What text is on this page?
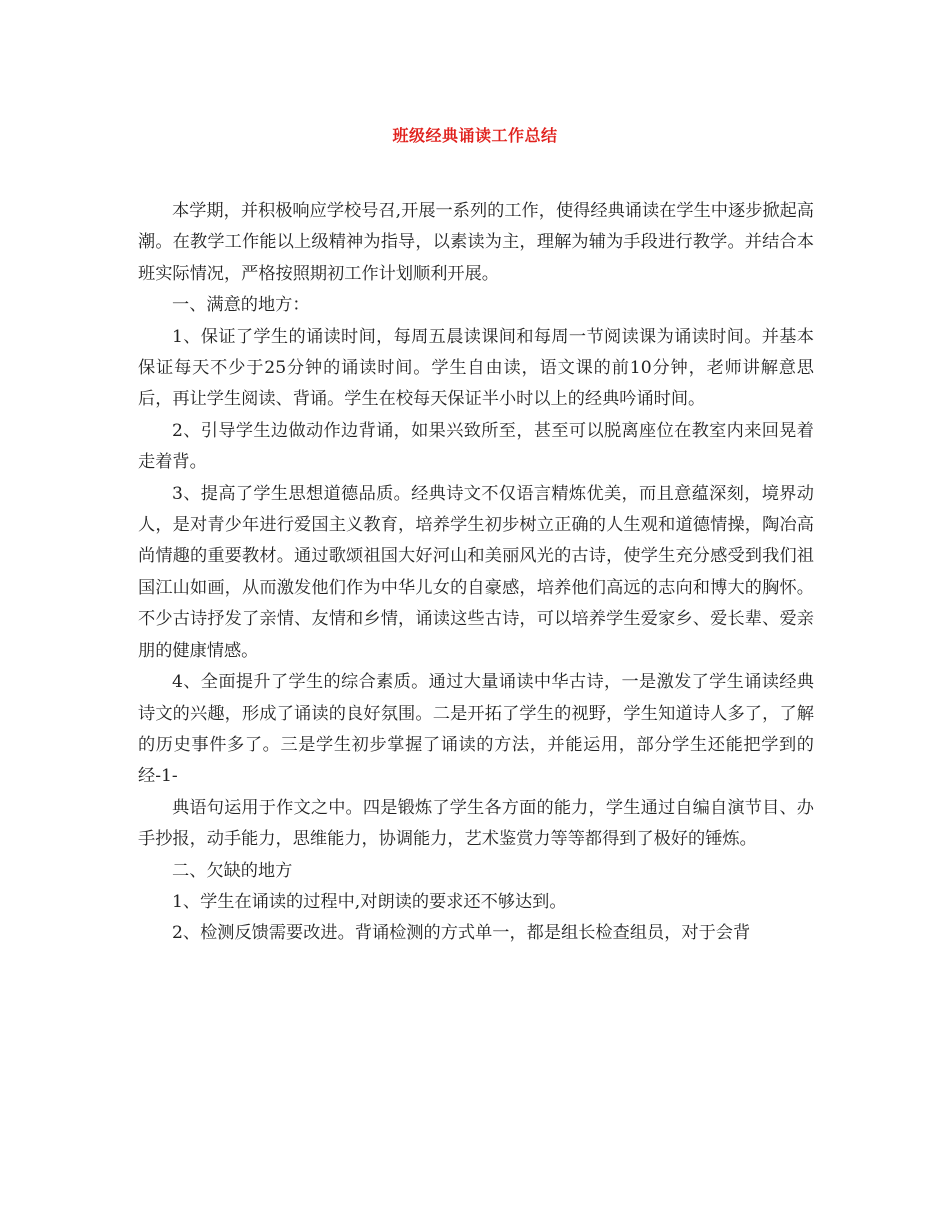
班级经典诵读工作总结

本学期，并积极响应学校号召,开展一系列的工作，使得经典诵读在学生中逐步掀起高潮。在教学工作能以上级精神为指导，以素读为主，理解为辅为手段进行教学。并结合本班实际情况，严格按照期初工作计划顺利开展。

一、满意的地方：

1、保证了学生的诵读时间，每周五晨读课间和每周一节阅读课为诵读时间。并基本保证每天不少于25分钟的诵读时间。学生自由读，语文课的前10分钟，老师讲解意思后，再让学生阅读、背诵。学生在校每天保证半小时以上的经典吟诵时间。

2、引导学生边做动作边背诵，如果兴致所至，甚至可以脱离座位在教室内来回晃着走着背。

3、提高了学生思想道德品质。经典诗文不仅语言精炼优美，而且意蕴深刻，境界动人，是对青少年进行爱国主义教育，培养学生初步树立正确的人生观和道德情操，陶冶高尚情趣的重要教材。通过歌颂祖国大好河山和美丽风光的古诗，使学生充分感受到我们祖国江山如画，从而激发他们作为中华儿女的自豪感，培养他们高远的志向和博大的胸怀。不少古诗抒发了亲情、友情和乡情，诵读这些古诗，可以培养学生爱家乡、爱长辈、爱亲朋的健康情感。

4、全面提升了学生的综合素质。通过大量诵读中华古诗，一是激发了学生诵读经典诗文的兴趣，形成了诵读的良好氛围。二是开拓了学生的视野，学生知道诗人多了，了解的历史事件多了。三是学生初步掌握了诵读的方法，并能运用，部分学生还能把学到的经-1-

典语句运用于作文之中。四是锻炼了学生各方面的能力，学生通过自编自演节目、办手抄报，动手能力，思维能力，协调能力，艺术鉴赏力等等都得到了极好的锤炼。

二、欠缺的地方

1、学生在诵读的过程中,对朗读的要求还不够达到。

2、检测反馈需要改进。背诵检测的方式单一，都是组长检查组员，对于会背
